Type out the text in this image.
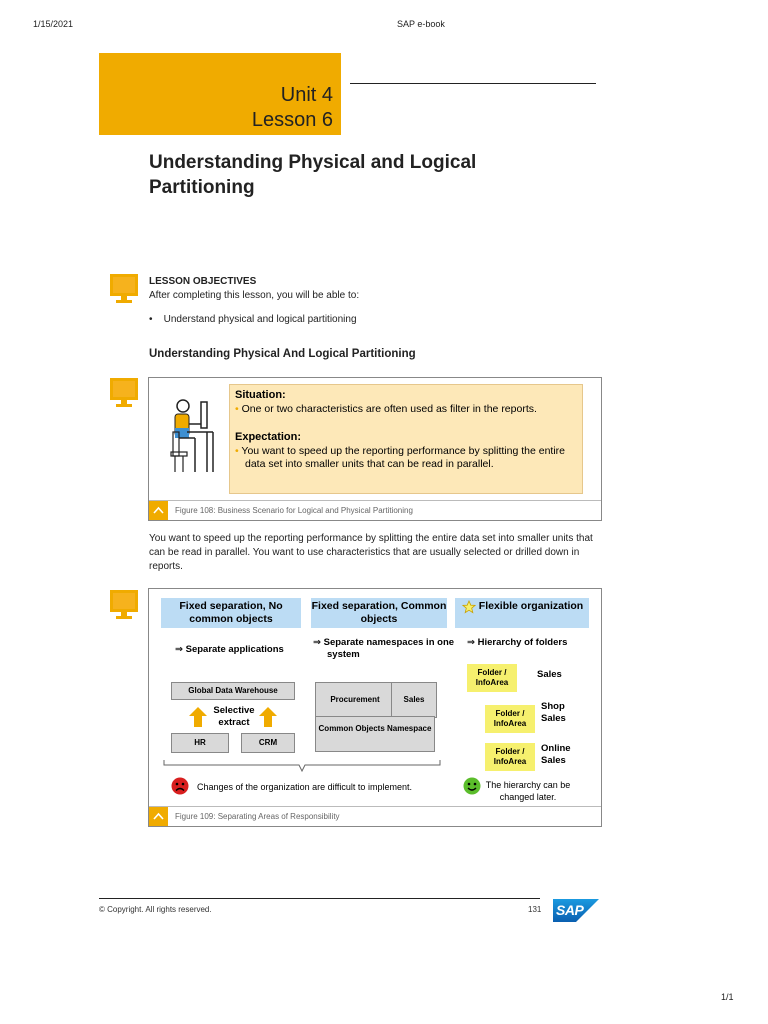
1/15/2021	SAP e-book
Unit 4
Lesson 6
Understanding Physical and Logical Partitioning
LESSON OBJECTIVES
After completing this lesson, you will be able to:
•    Understand physical and logical partitioning
Understanding Physical And Logical Partitioning
Situation:
• One or two characteristics are often used as filter in the reports.
Expectation:
• You want to speed up the reporting performance by splitting the entire data set into smaller units that can be read in parallel.
Figure 108: Business Scenario for Logical and Physical Partitioning
You want to speed up the reporting performance by splitting the entire data set into smaller units that can be read in parallel. You want to use characteristics that are usually selected or drilled down in reports.
Fixed separation, No common objects
Fixed separation, Common objects
Flexible organization
⇒ Separate applications
⇒ Separate namespaces in one system
⇒ Hierarchy of folders
Global Data Warehouse
Selective extract
HR	CRM
Procurement	Sales
Common Objects Namespace
Folder / InfoArea
Sales
Folder / InfoArea
Shop Sales
Folder / InfoArea
Online Sales
Changes of the organization are difficult to implement.	The hierarchy can be changed later.
Figure 109: Separating Areas of Responsibility
© Copyright. All rights reserved.	131 SAP
1/1
